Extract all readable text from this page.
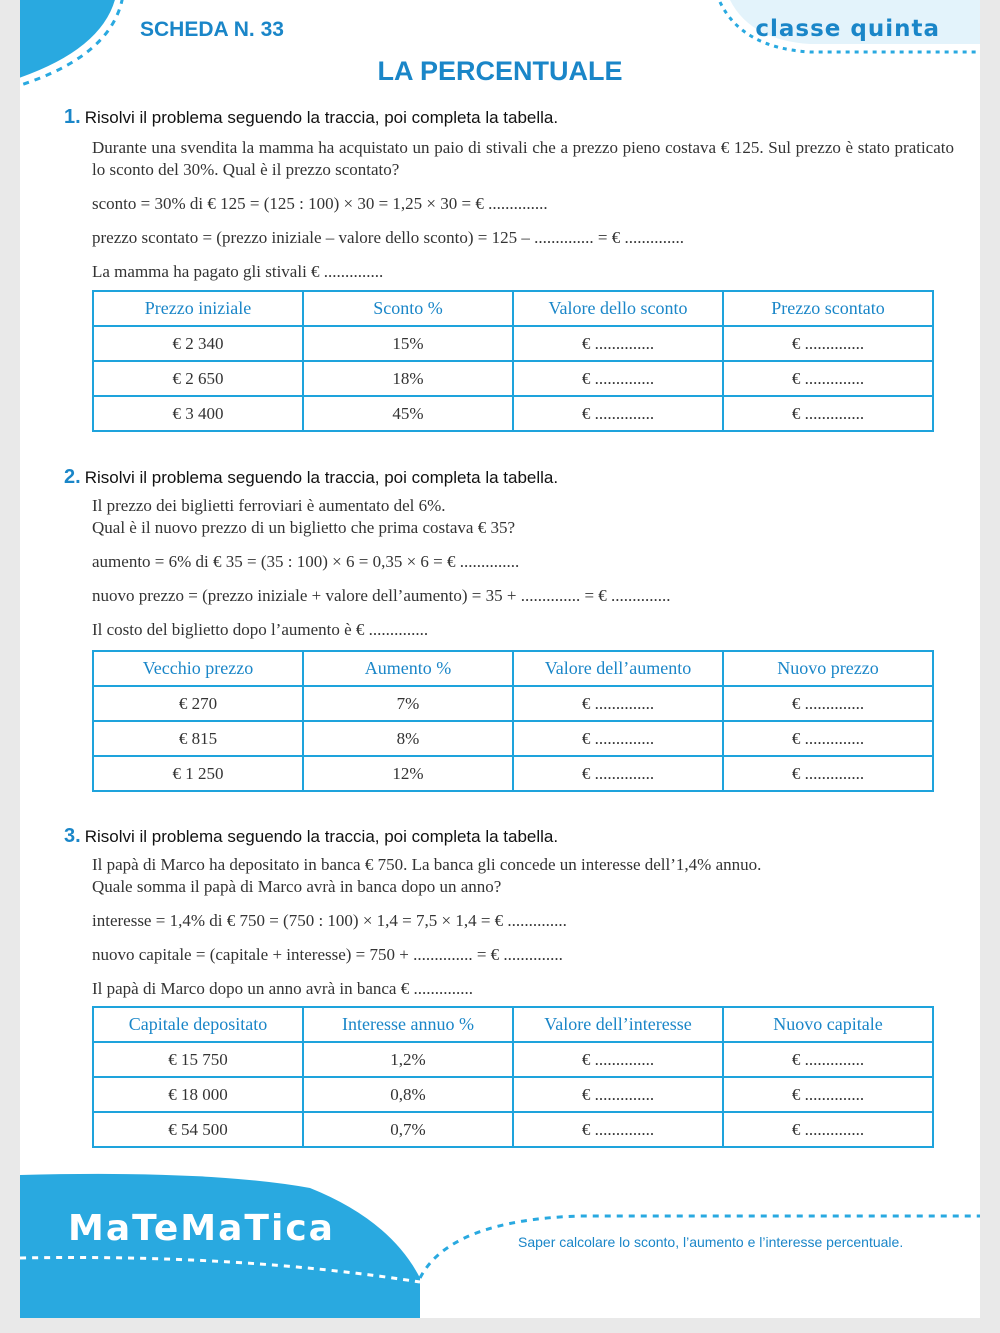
SCHEDA N. 33	classe quinta
LA PERCENTUALE
1. Risolvi il problema seguendo la traccia, poi completa la tabella.
Durante una svendita la mamma ha acquistato un paio di stivali che a prezzo pieno costava € 125. Sul prezzo è stato praticato lo sconto del 30%. Qual è il prezzo scontato?
sconto = 30% di € 125 = (125 : 100) × 30 = 1,25 × 30 = € ..............
prezzo scontato = (prezzo iniziale – valore dello sconto) = 125 – .............. = € ..............
La mamma ha pagato gli stivali € ..............
Prezzo iniziale	Sconto %	Valore dello sconto	Prezzo scontato
€ 2 340	15%	€ ..............	€ ..............
€ 2 650	18%	€ ..............	€ ..............
€ 3 400	45%	€ ..............	€ ..............
2. Risolvi il problema seguendo la traccia, poi completa la tabella.
Il prezzo dei biglietti ferroviari è aumentato del 6%.
Qual è il nuovo prezzo di un biglietto che prima costava € 35?
aumento = 6% di € 35 = (35 : 100) × 6 = 0,35 × 6 = € ..............
nuovo prezzo = (prezzo iniziale + valore dell’aumento) = 35 + .............. = € ..............
Il costo del biglietto dopo l’aumento è € ..............
Vecchio prezzo	Aumento %	Valore dell’aumento	Nuovo prezzo
€ 270	7%	€ ..............	€ ..............
€ 815	8%	€ ..............	€ ..............
€ 1 250	12%	€ ..............	€ ..............
3. Risolvi il problema seguendo la traccia, poi completa la tabella.
Il papà di Marco ha depositato in banca € 750. La banca gli concede un interesse dell’1,4% annuo.
Quale somma il papà di Marco avrà in banca dopo un anno?
interesse = 1,4% di € 750 = (750 : 100) × 1,4 = 7,5 × 1,4 = € ..............
nuovo capitale = (capitale + interesse) = 750 + .............. = € ..............
Il papà di Marco dopo un anno avrà in banca € ..............
Capitale depositato	Interesse annuo %	Valore dell’interesse	Nuovo capitale
€ 15 750	1,2%	€ ..............	€ ..............
€ 18 000	0,8%	€ ..............	€ ..............
€ 54 500	0,7%	€ ..............	€ ..............
MaTeMaTica	Saper calcolare lo sconto, l’aumento e l’interesse percentuale.
